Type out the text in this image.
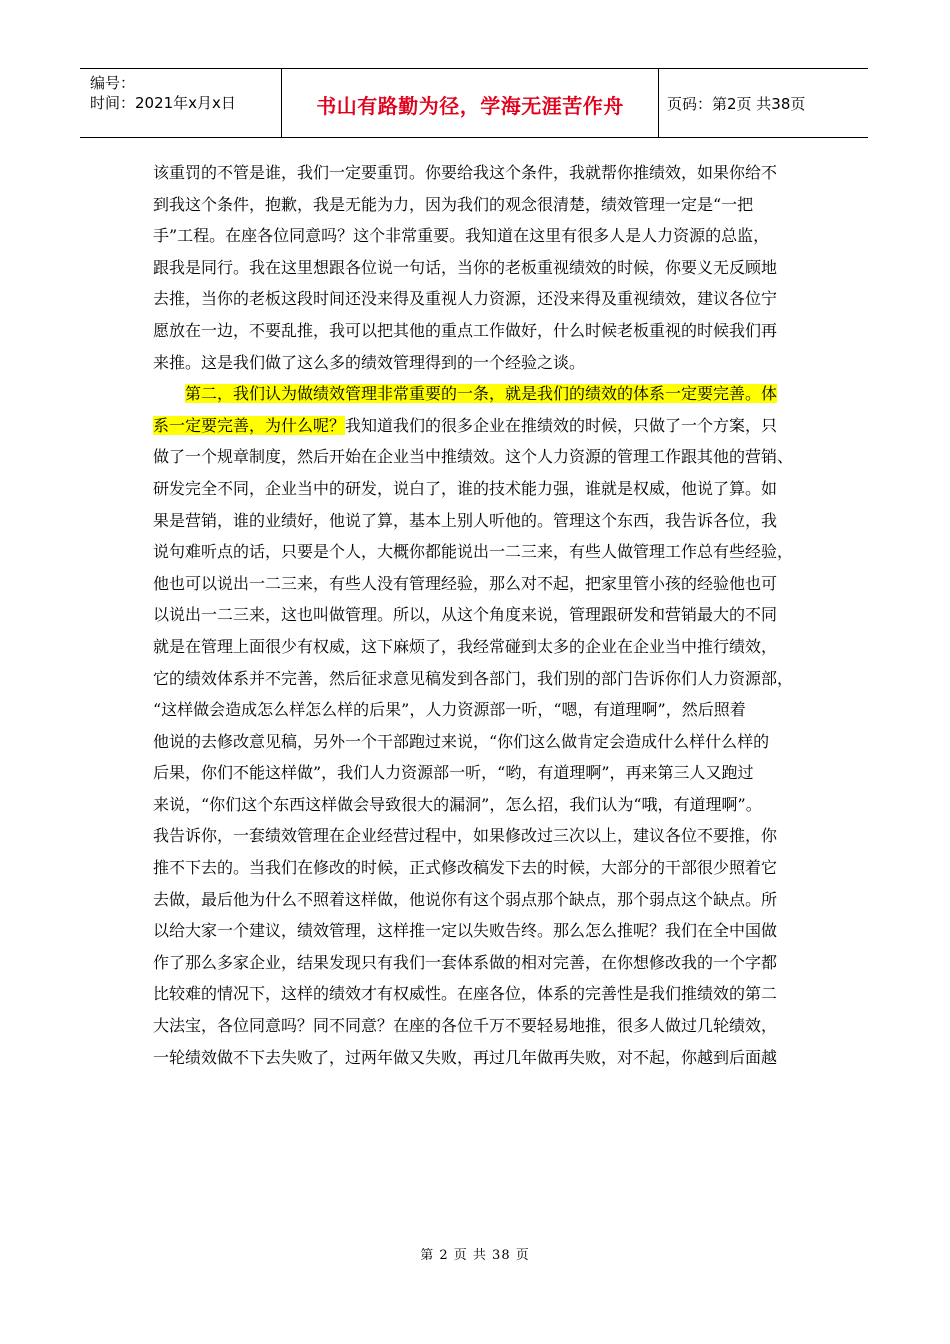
编号：
时间：2021年x月x日	书山有路勤为径，学海无涯苦作舟	页码：第2页 共38页
该重罚的不管是谁，我们一定要重罚。你要给我这个条件，我就帮你推绩效，如果你给不
到我这个条件，抱歉，我是无能为力，因为我们的观念很清楚，绩效管理一定是“一把
手”工程。在座各位同意吗？这个非常重要。我知道在这里有很多人是人力资源的总监，
跟我是同行。我在这里想跟各位说一句话，当你的老板重视绩效的时候，你要义无反顾地
去推，当你的老板这段时间还没来得及重视人力资源，还没来得及重视绩效，建议各位宁
愿放在一边，不要乱推，我可以把其他的重点工作做好，什么时候老板重视的时候我们再
来推。这是我们做了这么多的绩效管理得到的一个经验之谈。
第二，我们认为做绩效管理非常重要的一条，就是我们的绩效的体系一定要完善。体
系一定要完善，为什么呢？我知道我们的很多企业在推绩效的时候，只做了一个方案，只
做了一个规章制度，然后开始在企业当中推绩效。这个人力资源的管理工作跟其他的营销、
研发完全不同，企业当中的研发，说白了，谁的技术能力强，谁就是权威，他说了算。如
果是营销，谁的业绩好，他说了算，基本上别人听他的。管理这个东西，我告诉各位，我
说句难听点的话，只要是个人，大概你都能说出一二三来，有些人做管理工作总有些经验，
他也可以说出一二三来，有些人没有管理经验，那么对不起，把家里管小孩的经验他也可
以说出一二三来，这也叫做管理。所以，从这个角度来说，管理跟研发和营销最大的不同
就是在管理上面很少有权威，这下麻烦了，我经常碰到太多的企业在企业当中推行绩效，
它的绩效体系并不完善，然后征求意见稿发到各部门，我们别的部门告诉你们人力资源部，
“这样做会造成怎么样怎么样的后果”，人力资源部一听，“嗯，有道理啊”，然后照着
他说的去修改意见稿，另外一个干部跑过来说，“你们这么做肯定会造成什么样什么样的
后果，你们不能这样做”，我们人力资源部一听，“哟，有道理啊”，再来第三人又跑过
来说，“你们这个东西这样做会导致很大的漏洞”，怎么招，我们认为“哦，有道理啊”。
我告诉你，一套绩效管理在企业经营过程中，如果修改过三次以上，建议各位不要推，你
推不下去的。当我们在修改的时候，正式修改稿发下去的时候，大部分的干部很少照着它
去做，最后他为什么不照着这样做，他说你有这个弱点那个缺点，那个弱点这个缺点。所
以给大家一个建议，绩效管理，这样推一定以失败告终。那么怎么推呢？我们在全中国做
作了那么多家企业，结果发现只有我们一套体系做的相对完善，在你想修改我的一个字都
比较难的情况下，这样的绩效才有权威性。在座各位，体系的完善性是我们推绩效的第二
大法宝，各位同意吗？同不同意？在座的各位千万不要轻易地推，很多人做过几轮绩效，
一轮绩效做不下去失败了，过两年做又失败，再过几年做再失败，对不起，你越到后面越
第 2 页 共 38 页
